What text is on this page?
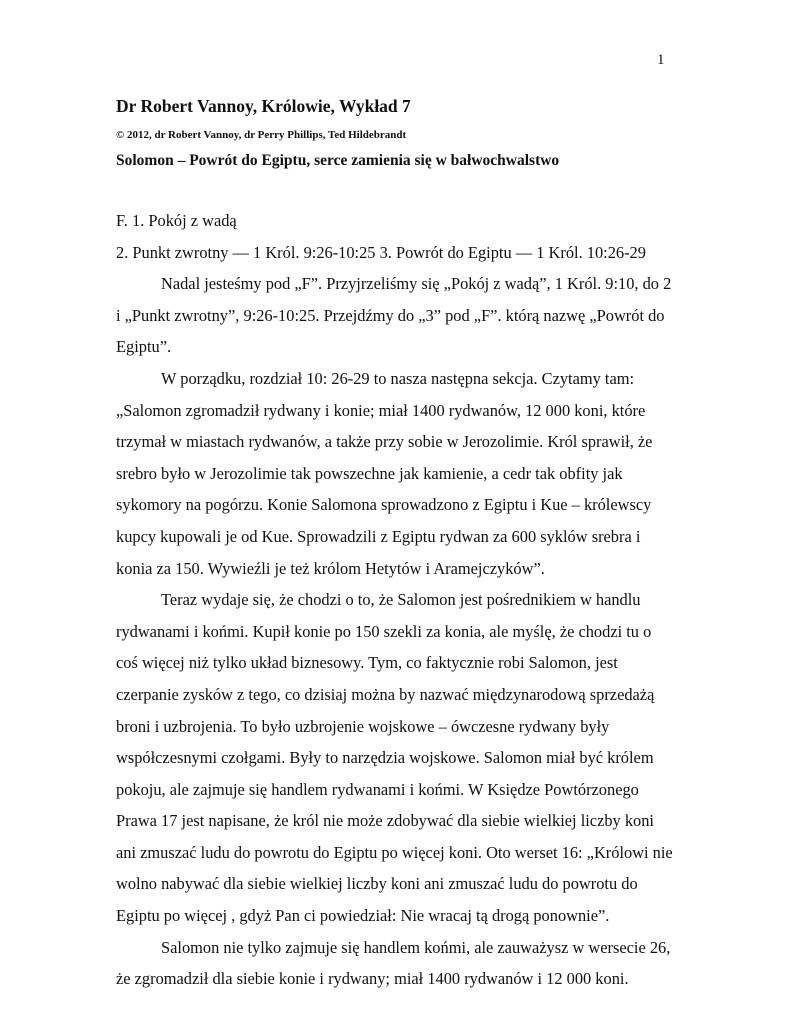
1
Dr Robert Vannoy, Królowie, Wykład 7
© 2012, dr Robert Vannoy, dr Perry Phillips, Ted Hildebrandt
Solomon – Powrót do Egiptu, serce zamienia się w bałwochwalstwo

F. 1. Pokój z wadą

2. Punkt zwrotny — 1 Król. 9:26-10:25 3. Powrót do Egiptu — 1 Król. 10:26-29

Nadal jesteśmy pod „F”. Przyjrzeliśmy się „Pokój z wadą”, 1 Król. 9:10, do 2 i „Punkt zwrotny”, 9:26-10:25. Przejdźmy do „3” pod „F”. którą nazwę „Powrót do Egiptu”.

W porządku, rozdział 10: 26-29 to nasza następna sekcja. Czytamy tam: „Salomon zgromadził rydwany i konie; miał 1400 rydwanów, 12 000 koni, które trzymał w miastach rydwanów, a także przy sobie w Jerozolimie. Król sprawił, że srebro było w Jerozolimie tak powszechne jak kamienie, a cedr tak obfity jak sykomory na pogórzu. Konie Salomona sprowadzono z Egiptu i Kue – królewscy kupcy kupowali je od Kue. Sprowadzili z Egiptu rydwan za 600 syklów srebra i konia za 150. Wywieźli je też królom Hetytów i Aramejczyków”.

Teraz wydaje się, że chodzi o to, że Salomon jest pośrednikiem w handlu rydwanami i końmi. Kupił konie po 150 szekli za konia, ale myślę, że chodzi tu o coś więcej niż tylko układ biznesowy. Tym, co faktycznie robi Salomon, jest czerpanie zysków z tego, co dzisiaj można by nazwać międzynarodową sprzedażą broni i uzbrojenia. To było uzbrojenie wojskowe – ówczesne rydwany były współczesnymi czołgami. Były to narzędzia wojskowe. Salomon miał być królem pokoju, ale zajmuje się handlem rydwanami i końmi. W Księdze Powtórzonego Prawa 17 jest napisane, że król nie może zdobywać dla siebie wielkiej liczby koni ani zmuszać ludu do powrotu do Egiptu po więcej koni. Oto werset 16: „Królowi nie wolno nabywać dla siebie wielkiej liczby koni ani zmuszać ludu do powrotu do Egiptu po więcej , gdyż Pan ci powiedział: Nie wracaj tą drogą ponownie”.

Salomon nie tylko zajmuje się handlem końmi, ale zauważysz w wersecie 26, że zgromadził dla siebie konie i rydwany; miał 1400 rydwanów i 12 000 koni.
